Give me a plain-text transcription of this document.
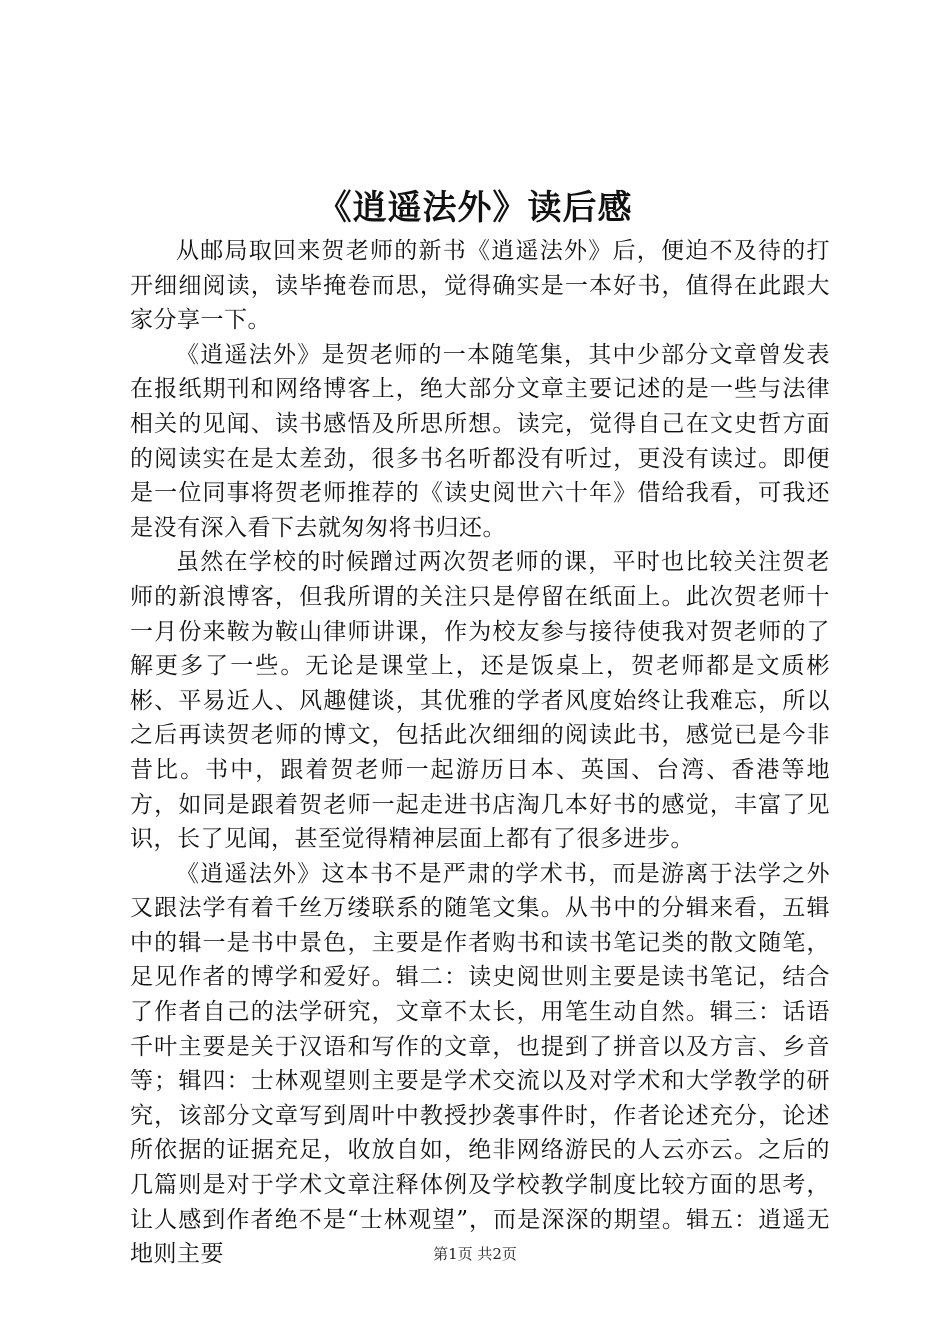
《逍遥法外》读后感

从邮局取回来贺老师的新书《逍遥法外》后，便迫不及待的打开细细阅读，读毕掩卷而思，觉得确实是一本好书，值得在此跟大家分享一下。

《逍遥法外》是贺老师的一本随笔集，其中少部分文章曾发表在报纸期刊和网络博客上，绝大部分文章主要记述的是一些与法律相关的见闻、读书感悟及所思所想。读完，觉得自己在文史哲方面的阅读实在是太差劲，很多书名听都没有听过，更没有读过。即便是一位同事将贺老师推荐的《读史阅世六十年》借给我看，可我还是没有深入看下去就匆匆将书归还。

虽然在学校的时候蹭过两次贺老师的课，平时也比较关注贺老师的新浪博客，但我所谓的关注只是停留在纸面上。此次贺老师十一月份来鞍为鞍山律师讲课，作为校友参与接待使我对贺老师的了解更多了一些。无论是课堂上，还是饭桌上，贺老师都是文质彬彬、平易近人、风趣健谈，其优雅的学者风度始终让我难忘，所以之后再读贺老师的博文，包括此次细细的阅读此书，感觉已是今非昔比。书中，跟着贺老师一起游历日本、英国、台湾、香港等地方，如同是跟着贺老师一起走进书店淘几本好书的感觉，丰富了见识，长了见闻，甚至觉得精神层面上都有了很多进步。

《逍遥法外》这本书不是严肃的学术书，而是游离于法学之外又跟法学有着千丝万缕联系的随笔文集。从书中的分辑来看，五辑中的辑一是书中景色，主要是作者购书和读书笔记类的散文随笔，足见作者的博学和爱好。辑二：读史阅世则主要是读书笔记，结合了作者自己的法学研究，文章不太长，用笔生动自然。辑三：话语千叶主要是关于汉语和写作的文章，也提到了拼音以及方言、乡音等；辑四：士林观望则主要是学术交流以及对学术和大学教学的研究，该部分文章写到周叶中教授抄袭事件时，作者论述充分，论述所依据的证据充足，收放自如，绝非网络游民的人云亦云。之后的几篇则是对于学术文章注释体例及学校教学制度比较方面的思考，让人感到作者绝不是“士林观望”，而是深深的期望。辑五：逍遥无地则主要	第1页 共2页
